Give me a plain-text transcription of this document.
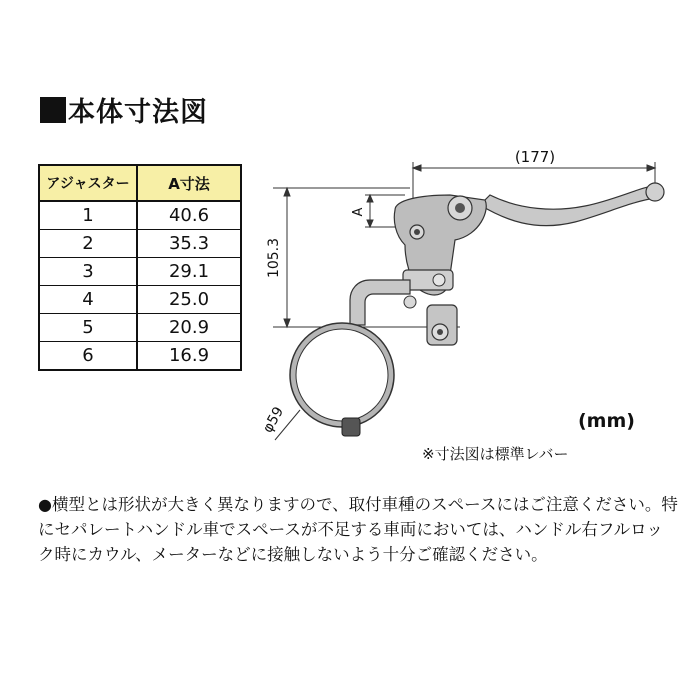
本体寸法図
アジャスター	A寸法
1	40.6
2	35.3
3	29.1
4	25.0
5	20.9
6	16.9
(177)
105.3
A
φ59	(mm)
※寸法図は標準レバー
●横型とは形状が大きく異なりますので、取付車種のスペースにはご注意ください。特にセパレートハンドル車でスペースが不足する車両においては、ハンドル右フルロック時にカウル、メーターなどに接触しないよう十分ご確認ください。
